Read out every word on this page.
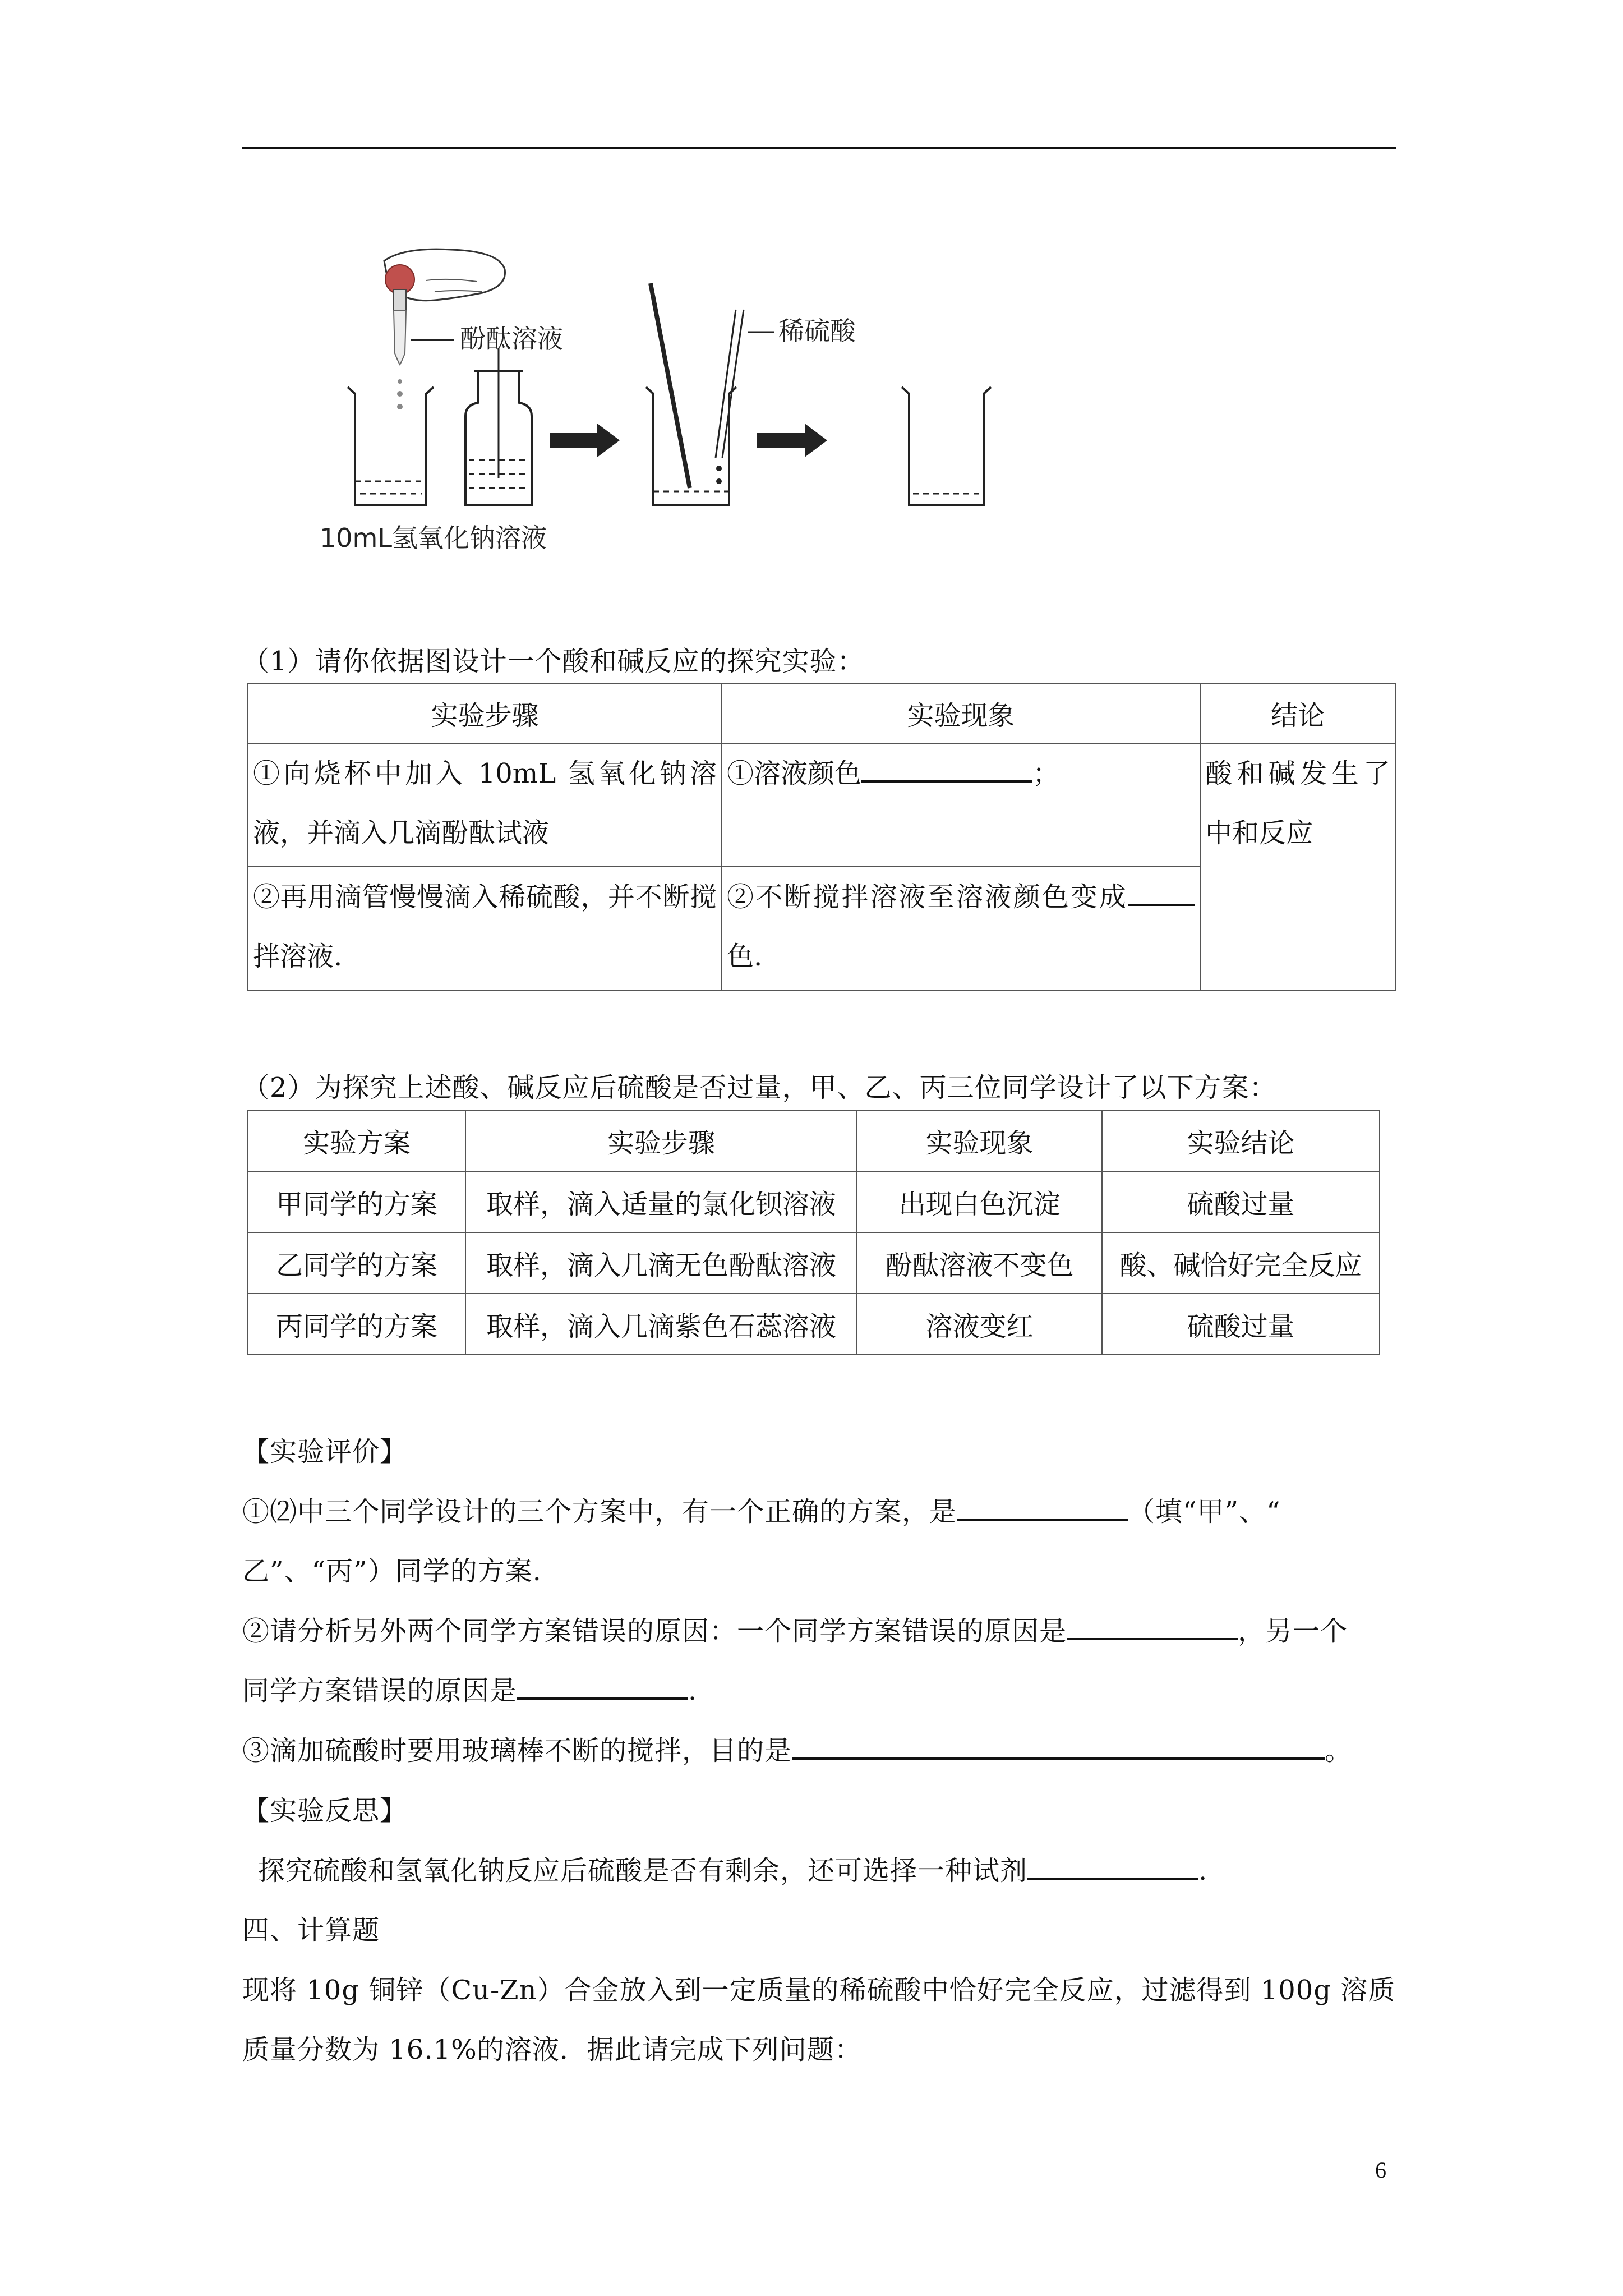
酚酞溶液
10mL氢氧化钠溶液
稀硫酸
（1）请你依据图设计一个酸和碱反应的探究实验：
实验步骤	实验现象	结论
①向烧杯中加入 10mL 氢氧化钠溶液，并滴入几滴酚酞试液	①溶液颜色 ；	酸和碱发生了中和反应
②再用滴管慢慢滴入稀硫酸，并不断搅拌溶液.	②不断搅拌溶液至溶液颜色变成色.	
（2）为探究上述酸、碱反应后硫酸是否过量，甲、乙、丙三位同学设计了以下方案：
实验方案	实验步骤	实验现象	实验结论
甲同学的方案	取样，滴入适量的氯化钡溶液	出现白色沉淀	硫酸过量
乙同学的方案	取样，滴入几滴无色酚酞溶液	酚酞溶液不变色	酸、碱恰好完全反应
丙同学的方案	取样，滴入几滴紫色石蕊溶液	溶液变红	硫酸过量
【实验评价】
①⑵中三个同学设计的三个方案中，有一个正确的方案，是	（填“甲”、“
乙”、“丙”）同学的方案.
②请分析另外两个同学方案错误的原因：一个同学方案错误的原因是	，另一个
同学方案错误的原因是	.
③滴加硫酸时要用玻璃棒不断的搅拌，目的是	。
【实验反思】
探究硫酸和氢氧化钠反应后硫酸是否有剩余，还可选择一种试剂	.
四、计算题
现将 10g 铜锌（Cu-Zn）合金放入到一定质量的稀硫酸中恰好完全反应，过滤得到 100g 溶质
质量分数为 16.1%的溶液．据此请完成下列问题：
6
